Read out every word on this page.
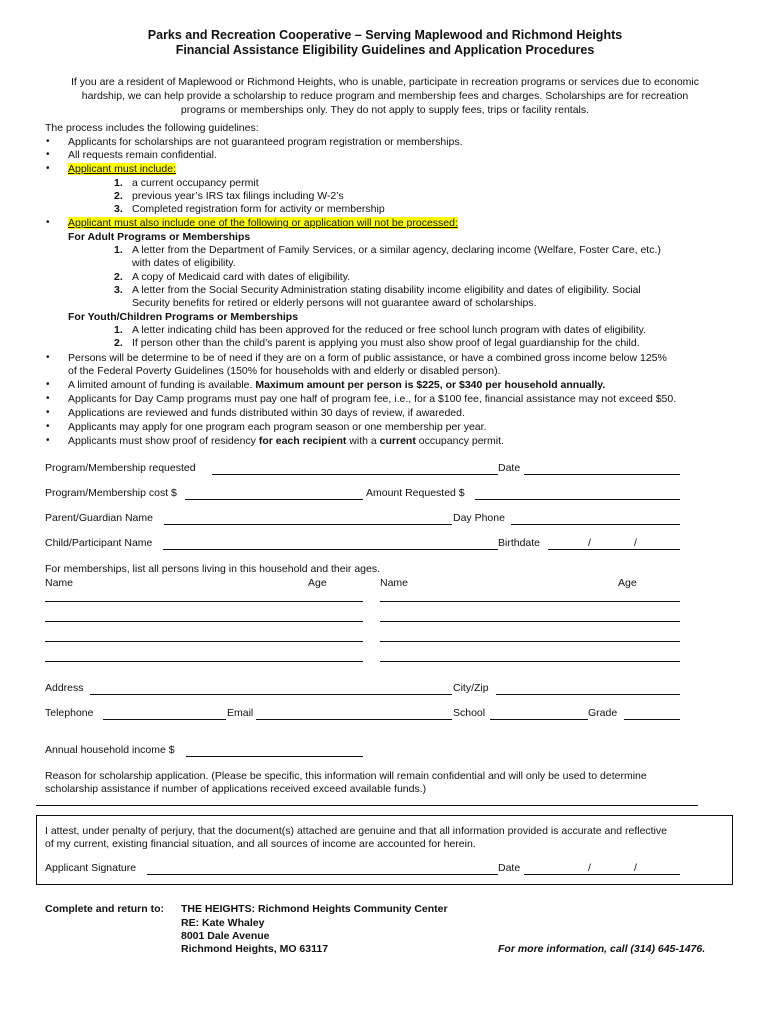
Parks and Recreation Cooperative – Serving Maplewood and Richmond Heights
Financial Assistance Eligibility Guidelines and Application Procedures
If you are a resident of Maplewood or Richmond Heights, who is unable, participate in recreation programs or services due to economic
hardship, we can help provide a scholarship to reduce program and membership fees and charges. Scholarships are for recreation
programs or memberships only. They do not apply to supply fees, trips or facility rentals.
The process includes the following guidelines:
• Applicants for scholarships are not guaranteed program registration or memberships.
• All requests remain confidential.
• Applicant must include:
1. a current occupancy permit
2. previous year’s IRS tax filings including W-2’s
3. Completed registration form for activity or membership
• Applicant must also include one of the following or application will not be processed:
For Adult Programs or Memberships
1. A letter from the Department of Family Services, or a similar agency, declaring income (Welfare, Foster Care, etc.)
with dates of eligibility.
2. A copy of Medicaid card with dates of eligibility.
3. A letter from the Social Security Administration stating disability income eligibility and dates of eligibility. Social
Security benefits for retired or elderly persons will not guarantee award of scholarships.
For Youth/Children Programs or Memberships
1. A letter indicating child has been approved for the reduced or free school lunch program with dates of eligibility.
2. If person other than the child’s parent is applying you must also show proof of legal guardianship for the child.
• Persons will be determine to be of need if they are on a form of public assistance, or have a combined gross income below 125%
of the Federal Poverty Guidelines (150% for households with and elderly or disabled person).
• A limited amount of funding is available. Maximum amount per person is $225, or $340 per household annually.
• Applicants for Day Camp programs must pay one half of program fee, i.e., for a $100 fee, financial assistance may not exceed $50.
• Applications are reviewed and funds distributed within 30 days of review, if awareded.
• Applicants may apply for one program each program season or one membership per year.
• Applicants must show proof of residency for each recipient with a current occupancy permit.
Program/Membership requested	Date
Program/Membership cost $	Amount Requested $
Parent/Guardian Name	Day Phone
Child/Participant Name	Birthdate	/	/
For memberships, list all persons living in this household and their ages.
Name	Age	Name	Age
Address	City/Zip
Telephone	Email	School	Grade
Annual household income $
Reason for scholarship application. (Please be specific, this information will remain confidential and will only be used to determine
scholarship assistance if number of applications received exceed available funds.)
I attest, under penalty of perjury, that the document(s) attached are genuine and that all information provided is accurate and reflective
of my current, existing financial situation, and all sources of income are accounted for herein.
Applicant Signature	Date	/	/
Complete and return to: THE HEIGHTS: Richmond Heights Community Center
RE: Kate Whaley
8001 Dale Avenue
Richmond Heights, MO 63117	For more information, call (314) 645-1476.
